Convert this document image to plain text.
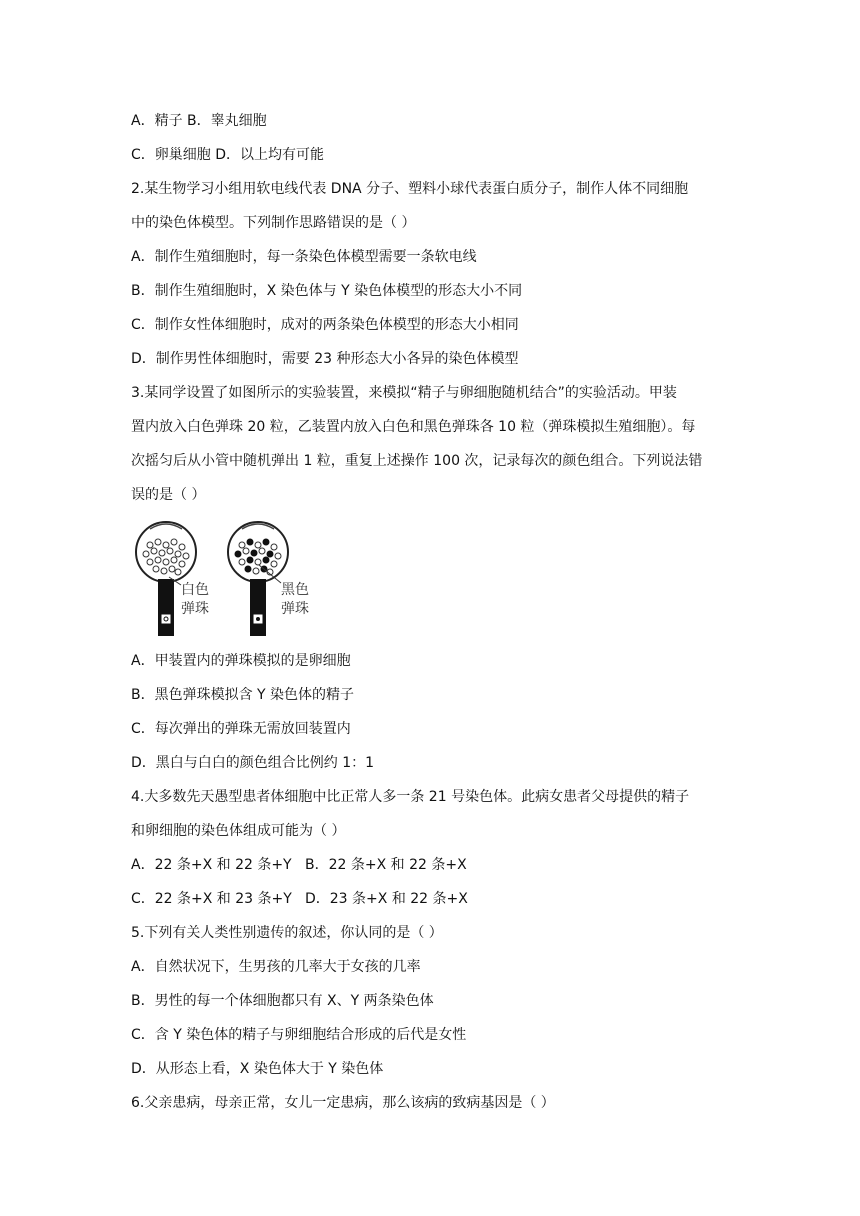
A．精子 B．睾丸细胞
C．卵巢细胞 D．以上均有可能
2.某生物学习小组用软电线代表 DNA 分子、塑料小球代表蛋白质分子，制作人体不同细胞
中的染色体模型。下列制作思路错误的是（ ）
A．制作生殖细胞时，每一条染色体模型需要一条软电线
B．制作生殖细胞时，X 染色体与 Y 染色体模型的形态大小不同
C．制作女性体细胞时，成对的两条染色体模型的形态大小相同
D．制作男性体细胞时，需要 23 种形态大小各异的染色体模型
3.某同学设置了如图所示的实验装置，来模拟“精子与卵细胞随机结合”的实验活动。甲装
置内放入白色弹珠 20 粒，乙装置内放入白色和黑色弹珠各 10 粒（弹珠模拟生殖细胞）。每
次摇匀后从小管中随机弹出 1 粒，重复上述操作 100 次，记录每次的颜色组合。下列说法错
误的是（ ）
白色
弹珠
黑色
弹珠
A．甲装置内的弹珠模拟的是卵细胞
B．黑色弹珠模拟含 Y 染色体的精子
C．每次弹出的弹珠无需放回装置内
D．黑白与白白的颜色组合比例约 1：1
4.大多数先天愚型患者体细胞中比正常人多一条 21 号染色体。此病女患者父母提供的精子
和卵细胞的染色体组成可能为（ ）
A．22 条+X 和 22 条+Y B．22 条+X 和 22 条+X
C．22 条+X 和 23 条+Y D．23 条+X 和 22 条+X
5.下列有关人类性别遗传的叙述，你认同的是（ ）
A．自然状况下，生男孩的几率大于女孩的几率
B．男性的每一个体细胞都只有 X、Y 两条染色体
C．含 Y 染色体的精子与卵细胞结合形成的后代是女性
D．从形态上看，X 染色体大于 Y 染色体
6.父亲患病，母亲正常，女儿一定患病，那么该病的致病基因是（ ）
